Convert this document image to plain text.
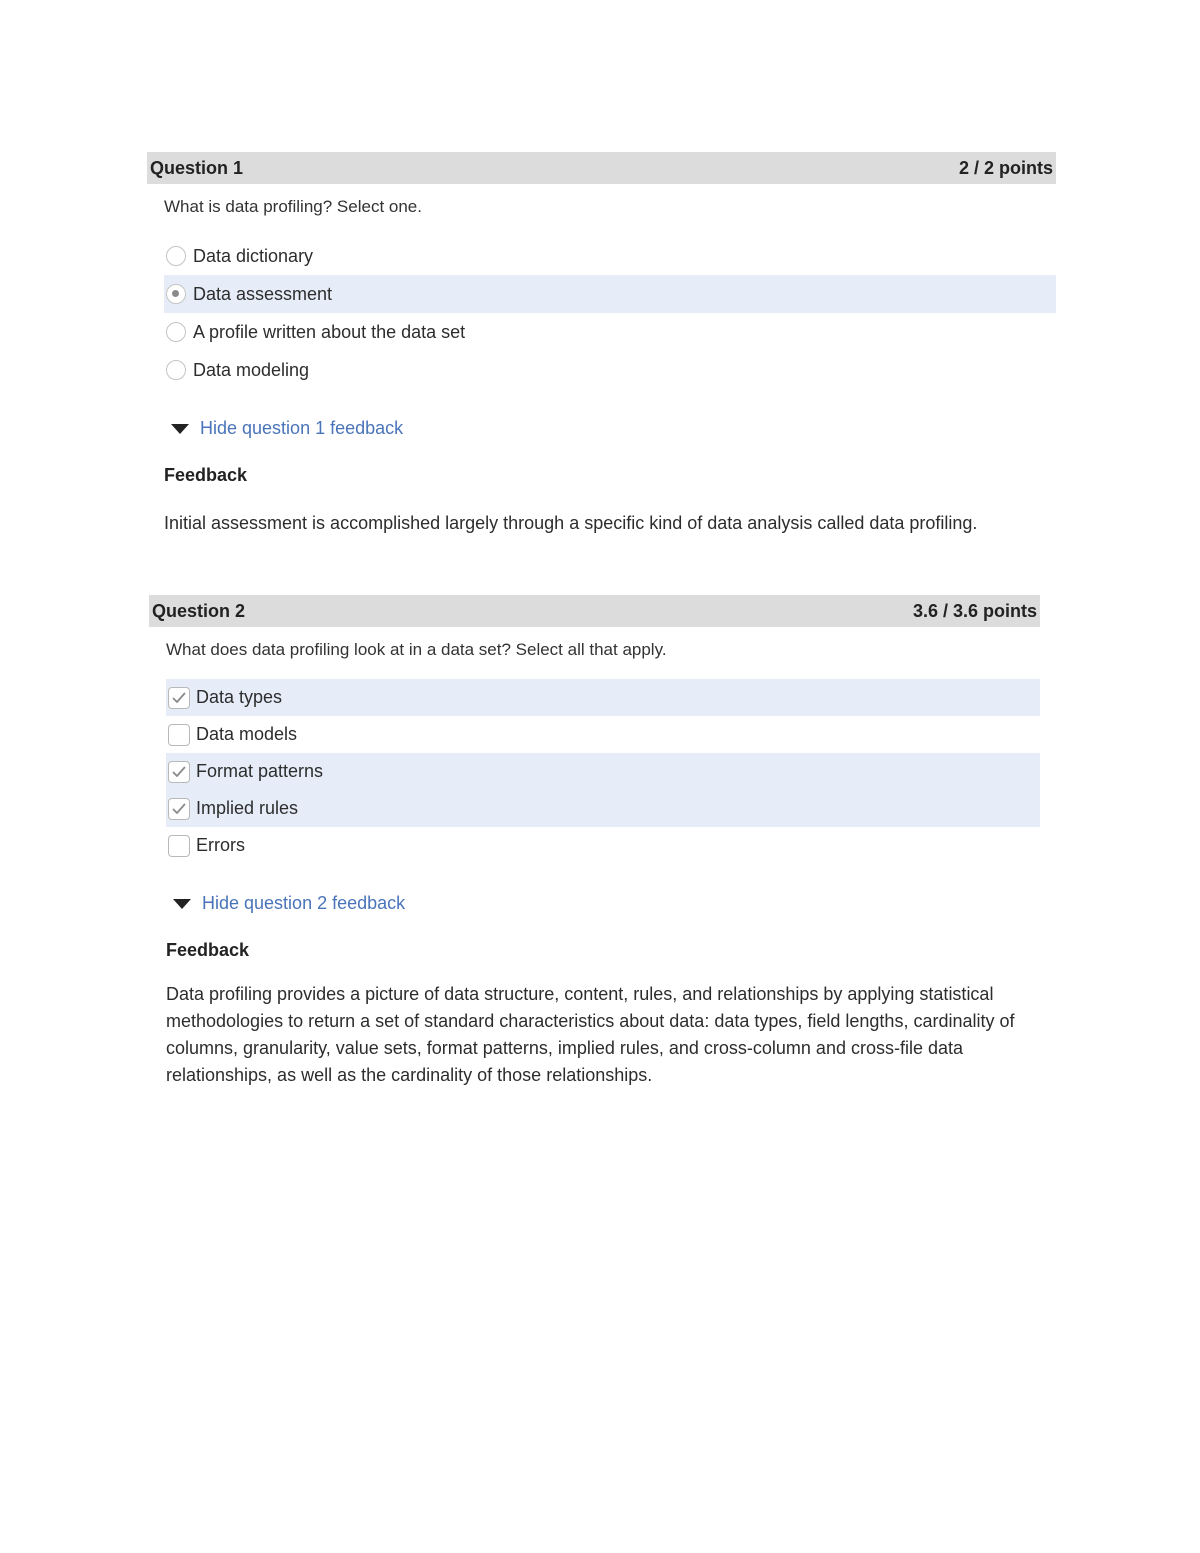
Question 1	2 / 2 points
What is data profiling? Select one.
Data dictionary
Data assessment
A profile written about the data set
Data modeling
Hide question 1 feedback
Feedback
Initial assessment is accomplished largely through a specific kind of data analysis called data profiling.
Question 2	3.6 / 3.6 points
What does data profiling look at in a data set? Select all that apply.
Data types
Data models
Format patterns
Implied rules
Errors
Hide question 2 feedback
Feedback
Data profiling provides a picture of data structure, content, rules, and relationships by applying statistical methodologies to return a set of standard characteristics about data: data types, field lengths, cardinality of columns, granularity, value sets, format patterns, implied rules, and cross-column and cross-file data relationships, as well as the cardinality of those relationships.
